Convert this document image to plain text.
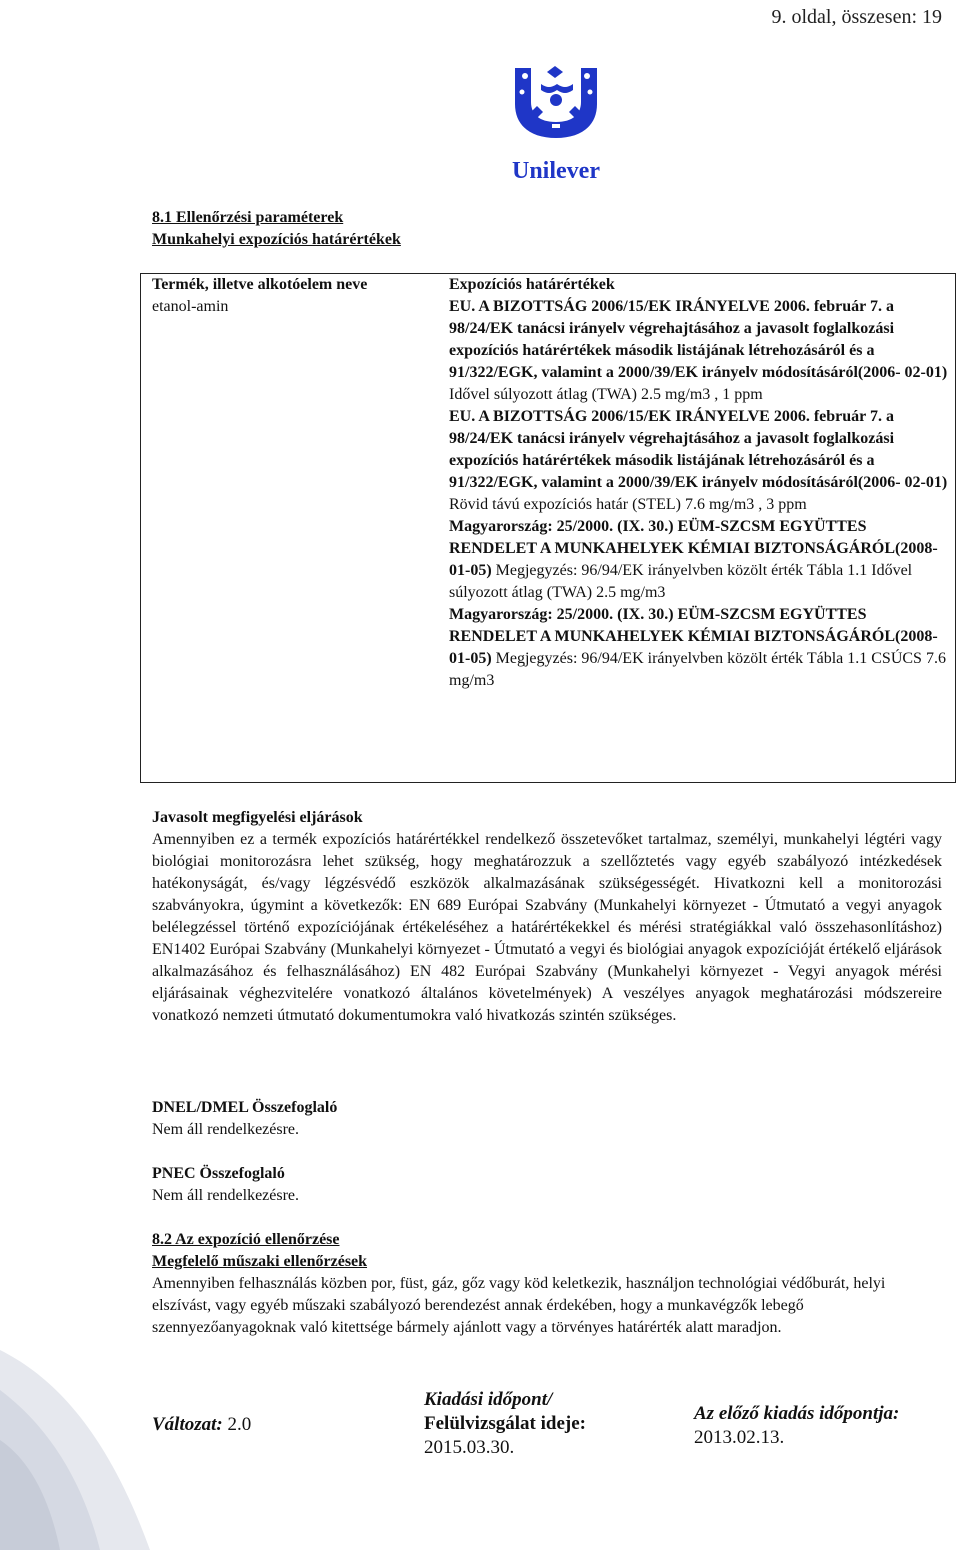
9. oldal, összesen: 19
Unilever
8.1 Ellenőrzési paraméterek
Munkahelyi expozíciós határértékek
Termék, illetve alkotóelem neve	Expozíciós határértékek
etanol-amin	EU. A BIZOTTSÁG 2006/15/EK IRÁNYELVE 2006. február 7. a 98/24/EK tanácsi irányelv végrehajtásához a javasolt foglalkozási expozíciós határértékek második listájának létrehozásáról és a 91/322/EGK, valamint a 2000/39/EK irányelv módosításáról(2006- 02-01) Idővel súlyozott átlag (TWA) 2.5 mg/m3 , 1 ppm

EU. A BIZOTTSÁG 2006/15/EK IRÁNYELVE 2006. február 7. a 98/24/EK tanácsi irányelv végrehajtásához a javasolt foglalkozási expozíciós határértékek második listájának létrehozásáról és a 91/322/EGK, valamint a 2000/39/EK irányelv módosításáról(2006- 02-01) Rövid távú expozíciós határ (STEL) 7.6 mg/m3 , 3 ppm

Magyarország: 25/2000. (IX. 30.) EÜM-SZCSM EGYÜTTES RENDELET A MUNKAHELYEK KÉMIAI BIZTONSÁGÁRÓL(2008-01-05) Megjegyzés: 96/94/EK irányelvben közölt érték Tábla 1.1 Idővel súlyozott átlag (TWA) 2.5 mg/m3

Magyarország: 25/2000. (IX. 30.) EÜM-SZCSM EGYÜTTES RENDELET A MUNKAHELYEK KÉMIAI BIZTONSÁGÁRÓL(2008-01-05) Megjegyzés: 96/94/EK irányelvben közölt érték Tábla 1.1 CSÚCS 7.6 mg/m3

Javasolt megfigyelési eljárások

Amennyiben ez a termék expozíciós határértékkel rendelkező összetevőket tartalmaz, személyi, munkahelyi légtéri vagy biológiai monitorozásra lehet szükség, hogy meghatározzuk a szellőztetés vagy egyéb szabályozó intézkedések hatékonyságát, és/vagy légzésvédő eszközök alkalmazásának szükségességét. Hivatkozni kell a monitorozási szabványokra, úgymint a következők: EN 689 Európai Szabvány (Munkahelyi környezet - Útmutató a vegyi anyagok belélegzéssel történő expozíciójának értékeléséhez a határértékekkel és mérési stratégiákkal való összehasonlításhoz) EN1402 Európai Szabvány (Munkahelyi környezet - Útmutató a vegyi és biológiai anyagok expozícióját értékelő eljárások alkalmazásához és felhasználásához) EN 482 Európai Szabvány (Munkahelyi környezet - Vegyi anyagok mérési eljárásainak véghezvitelére vonatkozó általános követelmények) A veszélyes anyagok meghatározási módszereire vonatkozó nemzeti útmutató dokumentumokra való hivatkozás szintén szükséges.

DNEL/DMEL Összefoglaló
Nem áll rendelkezésre.
PNEC Összefoglaló
Nem áll rendelkezésre.
8.2 Az expozíció ellenőrzése
Megfelelő műszaki ellenőrzések

Amennyiben felhasználás közben por, füst, gáz, gőz vagy köd keletkezik, használjon technológiai védőburát, helyi elszívást, vagy egyéb műszaki szabályozó berendezést annak érdekében, hogy a munkavégzők lebegő szennyezőanyagoknak való kitettsége bármely ajánlott vagy a törvényes határérték alatt maradjon.

Változat: 2.0
Kiadási időpont/
Felülvizsgálat ideje:
2015.03.30.
Az előző kiadás időpontja:
2013.02.13.
